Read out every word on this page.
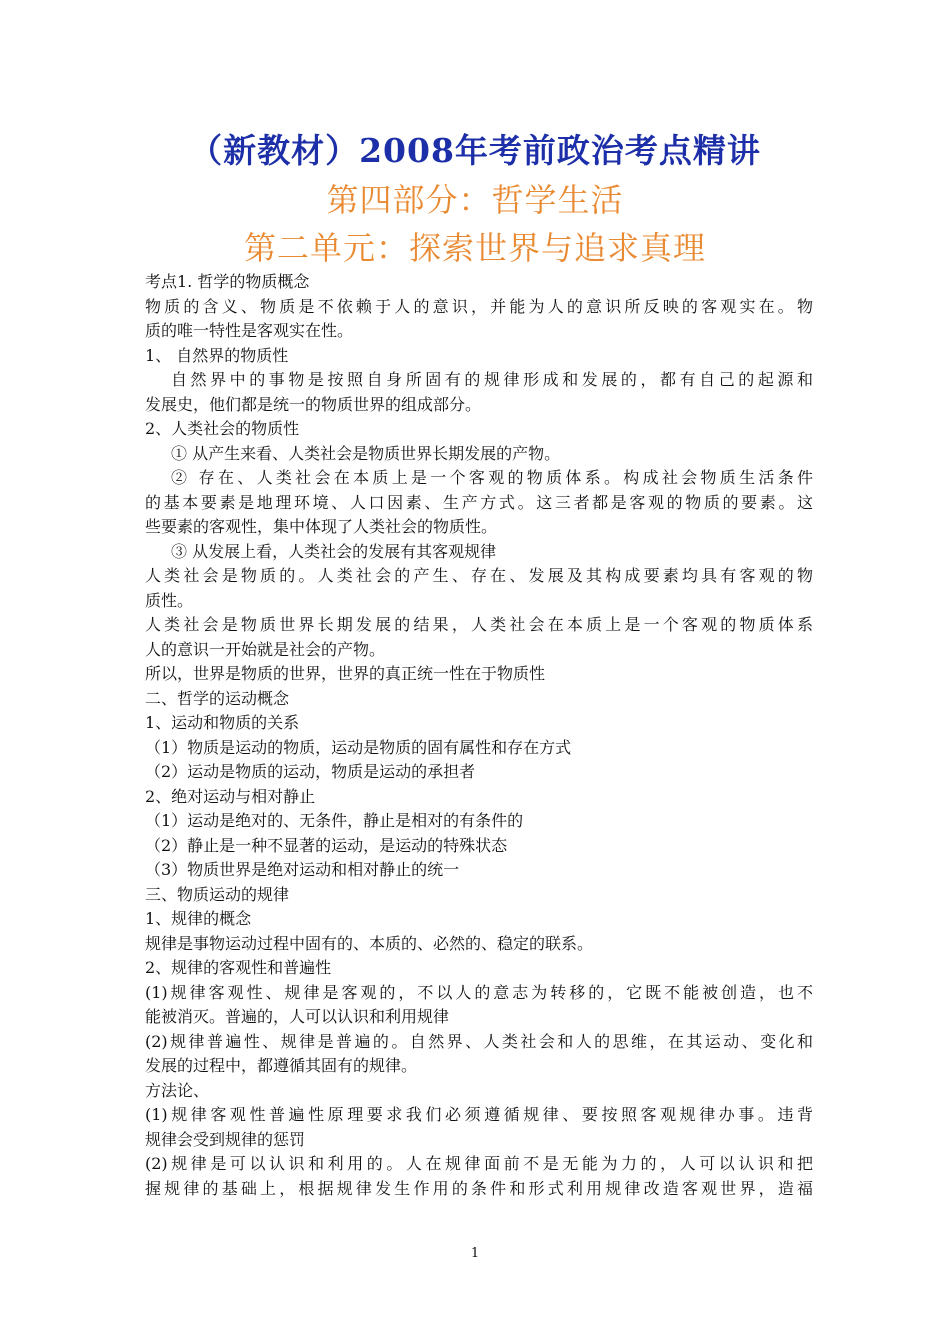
（新教材）2008年考前政治考点精讲
第四部分：哲学生活
第二单元：探索世界与追求真理
考点1. 哲学的物质概念
物质的含义、物质是不依赖于人的意识，并能为人的意识所反映的客观实在。物
质的唯一特性是客观实在性。
1、 自然界的物质性
自然界中的事物是按照自身所固有的规律形成和发展的，都有自己的起源和
发展史，他们都是统一的物质世界的组成部分。
2、人类社会的物质性
① 从产生来看、人类社会是物质世界长期发展的产物。
② 存在、人类社会在本质上是一个客观的物质体系。构成社会物质生活条件
的基本要素是地理环境、人口因素、生产方式。这三者都是客观的物质的要素。这
些要素的客观性，集中体现了人类社会的物质性。
③ 从发展上看，人类社会的发展有其客观规律
人类社会是物质的。人类社会的产生、存在、发展及其构成要素均具有客观的物
质性。
人类社会是物质世界长期发展的结果，人类社会在本质上是一个客观的物质体系
人的意识一开始就是社会的产物。
所以，世界是物质的世界，世界的真正统一性在于物质性
二、哲学的运动概念
1、运动和物质的关系
（1）物质是运动的物质，运动是物质的固有属性和存在方式
（2）运动是物质的运动，物质是运动的承担者
2、绝对运动与相对静止
（1）运动是绝对的、无条件，静止是相对的有条件的
（2）静止是一种不显著的运动，是运动的特殊状态
（3）物质世界是绝对运动和相对静止的统一
三、物质运动的规律
1、规律的概念
规律是事物运动过程中固有的、本质的、必然的、稳定的联系。
2、规律的客观性和普遍性
(1)规律客观性、规律是客观的，不以人的意志为转移的，它既不能被创造，也不
能被消灭。普遍的，人可以认识和利用规律
(2)规律普遍性、规律是普遍的。自然界、人类社会和人的思维，在其运动、变化和
发展的过程中，都遵循其固有的规律。
方法论、
(1)规律客观性普遍性原理要求我们必须遵循规律、要按照客观规律办事。违背
规律会受到规律的惩罚
(2)规律是可以认识和利用的。人在规律面前不是无能为力的，人可以认识和把
握规律的基础上，根据规律发生作用的条件和形式利用规律改造客观世界，造福
1
